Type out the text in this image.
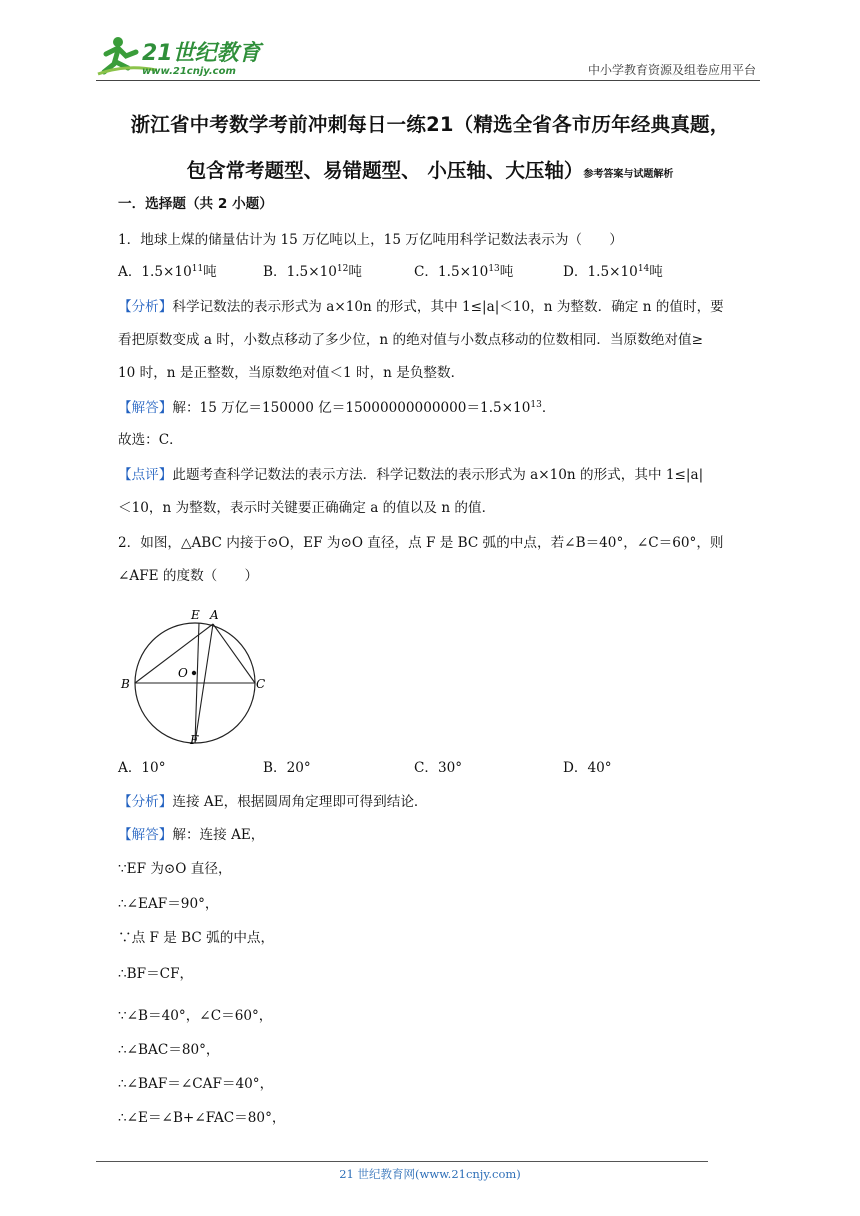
21世纪教育
www.21cnjy.com	中小学教育资源及组卷应用平台
浙江省中考数学考前冲刺每日一练21（精选全省各市历年经典真题，
包含常考题型、易错题型、 小压轴、大压轴）参考答案与试题解析
一．选择题（共 2 小题）
1．地球上煤的储量估计为 15 万亿吨以上，15 万亿吨用科学记数法表示为（　　）
A．$1.5\times 10^{11}$吨	B．$1.5\times 10^{12}$吨	C．$1.5\times 10^{13}$吨	D．$1.5\times 10^{14}$吨
【分析】科学记数法的表示形式为 a×10n 的形式，其中 1≤|a|＜10，n 为整数．确定 n 的值时，要
看把原数变成 a 时，小数点移动了多少位，n 的绝对值与小数点移动的位数相同．当原数绝对值≥
10 时，n 是正整数，当原数绝对值＜1 时，n 是负整数．
【解答】解：15 万亿＝150000 亿$=15000000000000=1.5\times 10^{13}$．
故选：C．
【点评】此题考查科学记数法的表示方法．科学记数法的表示形式为 a×10n 的形式，其中 1≤|a|
＜10，n 为整数，表示时关键要正确确定 a 的值以及 n 的值．
2．如图，△ABC 内接于⊙O，EF 为⊙O 直径，点 F 是 BC 弧的中点，若∠B＝40°，∠C＝60°，则
∠AFE 的度数（　　）
E A
O
B	C
F
A．10°	B．20°	C．30°	D．40°
【分析】连接 AE，根据圆周角定理即可得到结论．
【解答】解：连接 AE，
∵EF 为⊙O 直径，
∴∠EAF＝90°，
∵点 F 是 BC 弧的中点，
∴BF＝CF，
∵∠B＝40°，∠C＝60°，
∴∠BAC＝80°，
∴∠BAF＝∠CAF＝40°，
∴∠E＝∠B+∠FAC＝80°，
21 世纪教育网(www.21cnjy.com)
